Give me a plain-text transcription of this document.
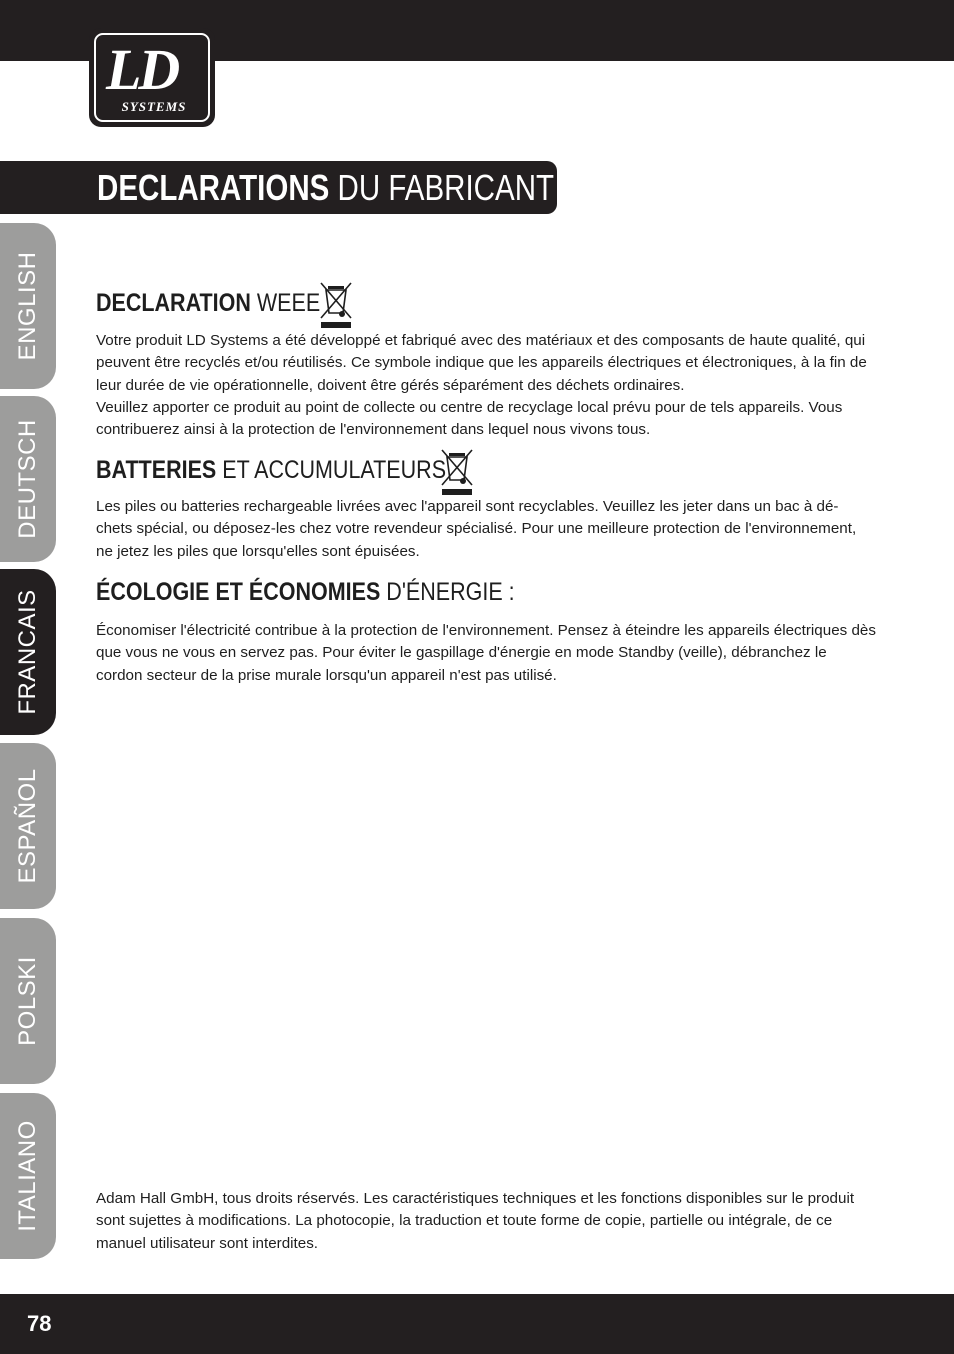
LD
SYSTEMS
DECLARATIONS DU FABRICANT :
ENGLISH
DEUTSCH
FRANCAIS
ESPAÑOL
POLSKI
ITALIANO
DECLARATION WEEE

Votre produit LD Systems a été développé et fabriqué avec des matériaux et des composants de haute qualité, qui peuvent être recyclés et/ou réutilisés. Ce symbole indique que les appareils électriques et électroniques, à la fin de leur durée de vie opérationnelle, doivent être gérés séparément des déchets ordinaires.

Veuillez apporter ce produit au point de collecte ou centre de recyclage local prévu pour de tels appareils. Vous contribuerez ainsi à la protection de l'environnement dans lequel nous vivons tous.

BATTERIES ET ACCUMULATEURS

Les piles ou batteries rechargeable livrées avec l'appareil sont recyclables. Veuillez les jeter dans un bac à dé- chets spécial, ou déposez-les chez votre revendeur spécialisé. Pour une meilleure protection de l'environnement, ne jetez les piles que lorsqu'elles sont épuisées.

ÉCOLOGIE ET ÉCONOMIES D'ÉNERGIE :

Économiser l'électricité contribue à la protection de l'environnement. Pensez à éteindre les appareils électriques dès que vous ne vous en servez pas. Pour éviter le gaspillage d'énergie en mode Standby (veille), débranchez le cordon secteur de la prise murale lorsqu'un appareil n'est pas utilisé.

Adam Hall GmbH, tous droits réservés. Les caractéristiques techniques et les fonctions disponibles sur le produit sont sujettes à modifications. La photocopie, la traduction et toute forme de copie, partielle ou intégrale, de ce manuel utilisateur sont interdites.

78
